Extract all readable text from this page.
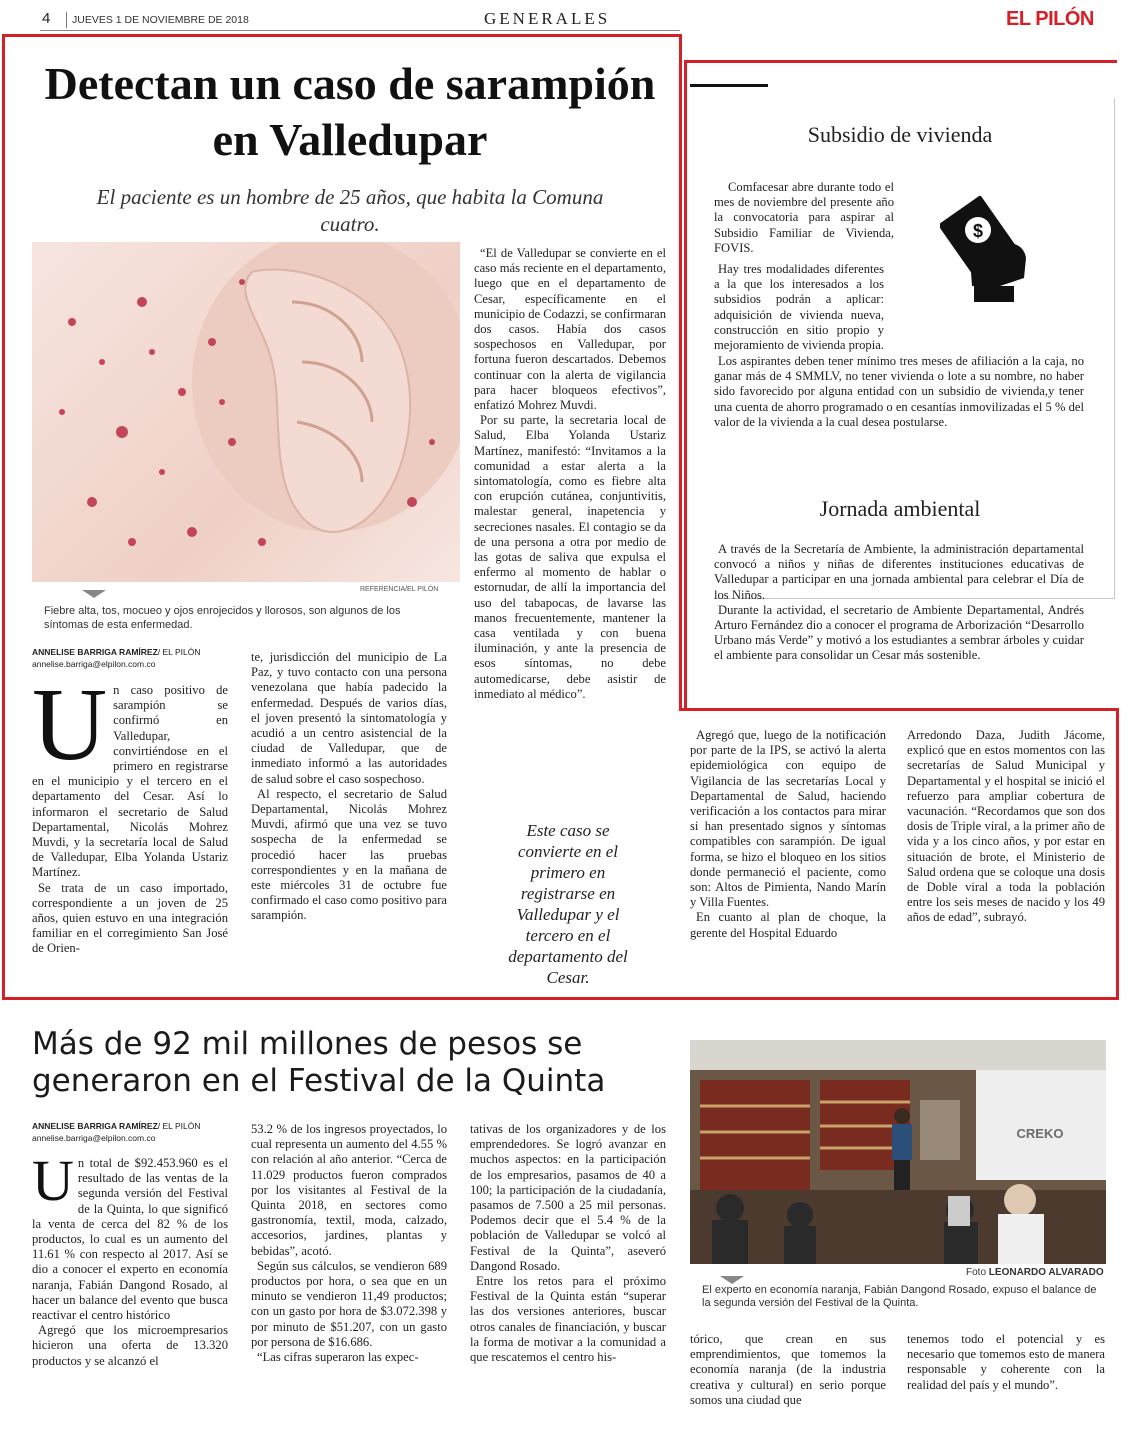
4 JUEVES 1 DE NOVIEMBRE DE 2018	GENERALES	EL PILÓN
Detectan un caso de sarampión en Valledupar
El paciente es un hombre de 25 años, que habita la Comuna cuatro.
REFERENCIA/EL PILÓN
Fiebre alta, tos, mocueo y ojos enrojecidos y llorosos, son algunos de los síntomas de esta enfermedad.
ANNELISE BARRIGA RAMÍREZ/ EL PILÓN
annelise.barriga@elpilon.com.co
U n caso positivo de sarampión se confirmó en Valledupar, convirtiéndose en el primero en registrarse en el municipio y el tercero en el departamento del Cesar. Así lo informaron el secretario de Salud Departamental, Nicolás Mohrez Muvdi, y la secretaría local de Salud de Valledupar, Elba Yolanda Ustariz Martínez.

Se trata de un caso importado, correspondiente a un joven de 25 años, quien estuvo en una integración familiar en el corregimiento San José de Orien-

te, jurisdicción del municipio de La Paz, y tuvo contacto con una persona venezolana que había padecido la enfermedad. Después de varios días, el joven presentó la sintomatología y acudió a un centro asistencial de la ciudad de Valledupar, que de inmediato informó a las autoridades de salud sobre el caso sospechoso.

Al respecto, el secretario de Salud Departamental, Nicolás Mohrez Muvdi, afirmó que una vez se tuvo sospecha de la enfermedad se procedió hacer las pruebas correspondientes y en la mañana de este miércoles 31 de octubre fue confirmado el caso como positivo para sarampión.

“El de Valledupar se convierte en el caso más reciente en el departamento, luego que en el departamento de Cesar, específicamente en el municipio de Codazzi, se confirmaran dos casos. Había dos casos sospechosos en Valledupar, por fortuna fueron descartados. Debemos continuar con la alerta de vigilancia para hacer bloqueos efectivos”, enfatizó Mohrez Muvdi.

Por su parte, la secretaria local de Salud, Elba Yolanda Ustariz Martínez, manifestó: “Invitamos a la comunidad a estar alerta a la sintomatología, como es fiebre alta con erupción cutánea, conjuntivitis, malestar general, inapetencia y secreciones nasales. El contagio se da de una persona a otra por medio de las gotas de saliva que expulsa el enfermo al momento de hablar o estornudar, de allí la importancia del uso del tabapocas, de lavarse las manos frecuentemente, mantener la casa ventilada y con buena iluminación, y ante la presencia de esos síntomas, no debe automedicarse, debe asistir de inmediato al médico”.

Este caso se convierte en el primero en registrarse en Valledupar y el tercero en el departamento del Cesar.

Agregó que, luego de la notificación por parte de la IPS, se activó la alerta epidemiológica con equipo de Vigilancia de las secretarías Local y Departamental de Salud, haciendo verificación a los contactos para mirar si han presentado signos y síntomas compatibles con sarampión. De igual forma, se hizo el bloqueo en los sitios donde permaneció el paciente, como son: Altos de Pimienta, Nando Marín y Villa Fuentes.

En cuanto al plan de choque, la gerente del Hospital Eduardo

Arredondo Daza, Judith Jácome, explicó que en estos momentos con las secretarías de Salud Municipal y Departamental y el hospital se inició el refuerzo para ampliar cobertura de vacunación. “Recordamos que son dos dosis de Triple viral, a la primer año de vida y a los cinco años, y por estar en situación de brote, el Ministerio de Salud ordena que se coloque una dosis de Doble viral a toda la población entre los seis meses de nacido y los 49 años de edad”, subrayó.

Subsidio de vivienda

Comfacesar abre durante todo el mes de noviembre del presente año la convocatoria para aspirar al Subsidio Familiar de Vivienda, FOVIS.

$

Hay tres modalidades diferentes a la que los interesados a los subsidios podrán a aplicar: adquisición de vivienda nueva, construcción en sitio propio y mejoramiento de vivienda propia.

Los aspirantes deben tener mínimo tres meses de afiliación a la caja, no ganar más de 4 SMMLV, no tener vivienda o lote a su nombre, no haber sido favorecido por alguna entidad con un subsidio de vivienda,y tener una cuenta de ahorro programado o en cesantías inmovilizadas el 5 % del valor de la vivienda a la cual desea postularse.

Jornada ambiental

A través de la Secretaría de Ambiente, la administración departamental convocó a niños y niñas de diferentes instituciones educativas de Valledupar a participar en una jornada ambiental para celebrar el Día de los Niños.

Durante la actividad, el secretario de Ambiente Departamental, Andrés Arturo Fernández dio a conocer el programa de Arborización “Desarrollo Urbano más Verde” y motivó a los estudiantes a sembrar árboles y cuidar el ambiente para consolidar un Cesar más sostenible.

Más de 92 mil millones de pesos se generaron en el Festival de la Quinta
ANNELISE BARRIGA RAMÍREZ/ EL PILÓN
annelise.barriga@elpilon.com.co
U n total de $92.453.960 es el resultado de las ventas de la segunda versión del Festival de la Quinta, lo que significó la venta de cerca del 82 % de los productos, lo cual es un aumento del 11.61 % con respecto al 2017. Así se dio a conocer el experto en economía naranja, Fabián Dangond Rosado, al hacer un balance del evento que busca reactivar el centro histórico

Agregó que los microempresarios hicieron una oferta de 13.320 productos y se alcanzó el

53.2 % de los ingresos proyectados, lo cual representa un aumento del 4.55 % con relación al año anterior. “Cerca de 11.029 productos fueron comprados por los visitantes al Festival de la Quinta 2018, en sectores como gastronomía, textil, moda, calzado, accesorios, jardines, plantas y bebidas”, acotó.

Según sus cálculos, se vendieron 689 productos por hora, o sea que en un minuto se vendieron 11,49 productos; con un gasto por hora de $3.072.398 y por minuto de $51.207, con un gasto por persona de $16.686.

“Las cifras superaron las expec-

tativas de los organizadores y de los emprendedores. Se logró avanzar en muchos aspectos: en la participación de los empresarios, pasamos de 40 a 100; la participación de la ciudadanía, pasamos de 7.500 a 25 mil personas. Podemos decir que el 5.4 % de la población de Valledupar se volcó al Festival de la Quinta”, aseveró Dangond Rosado.

Entre los retos para el próximo Festival de la Quinta están “superar las dos versiones anteriores, buscar otros canales de financiación, y buscar la forma de motivar a la comunidad a que rescatemos el centro his-

CREKO
Foto LEONARDO ALVARADO
El experto en economía naranja, Fabián Dangond Rosado, expuso el balance de la segunda versión del Festival de la Quinta.

tórico, que crean en sus emprendimientos, que tomemos la economía naranja (de la industria creativa y cultural) en serio porque somos una ciudad que

tenemos todo el potencial y es necesario que tomemos esto de manera responsable y coherente con la realidad del país y el mundo”.
